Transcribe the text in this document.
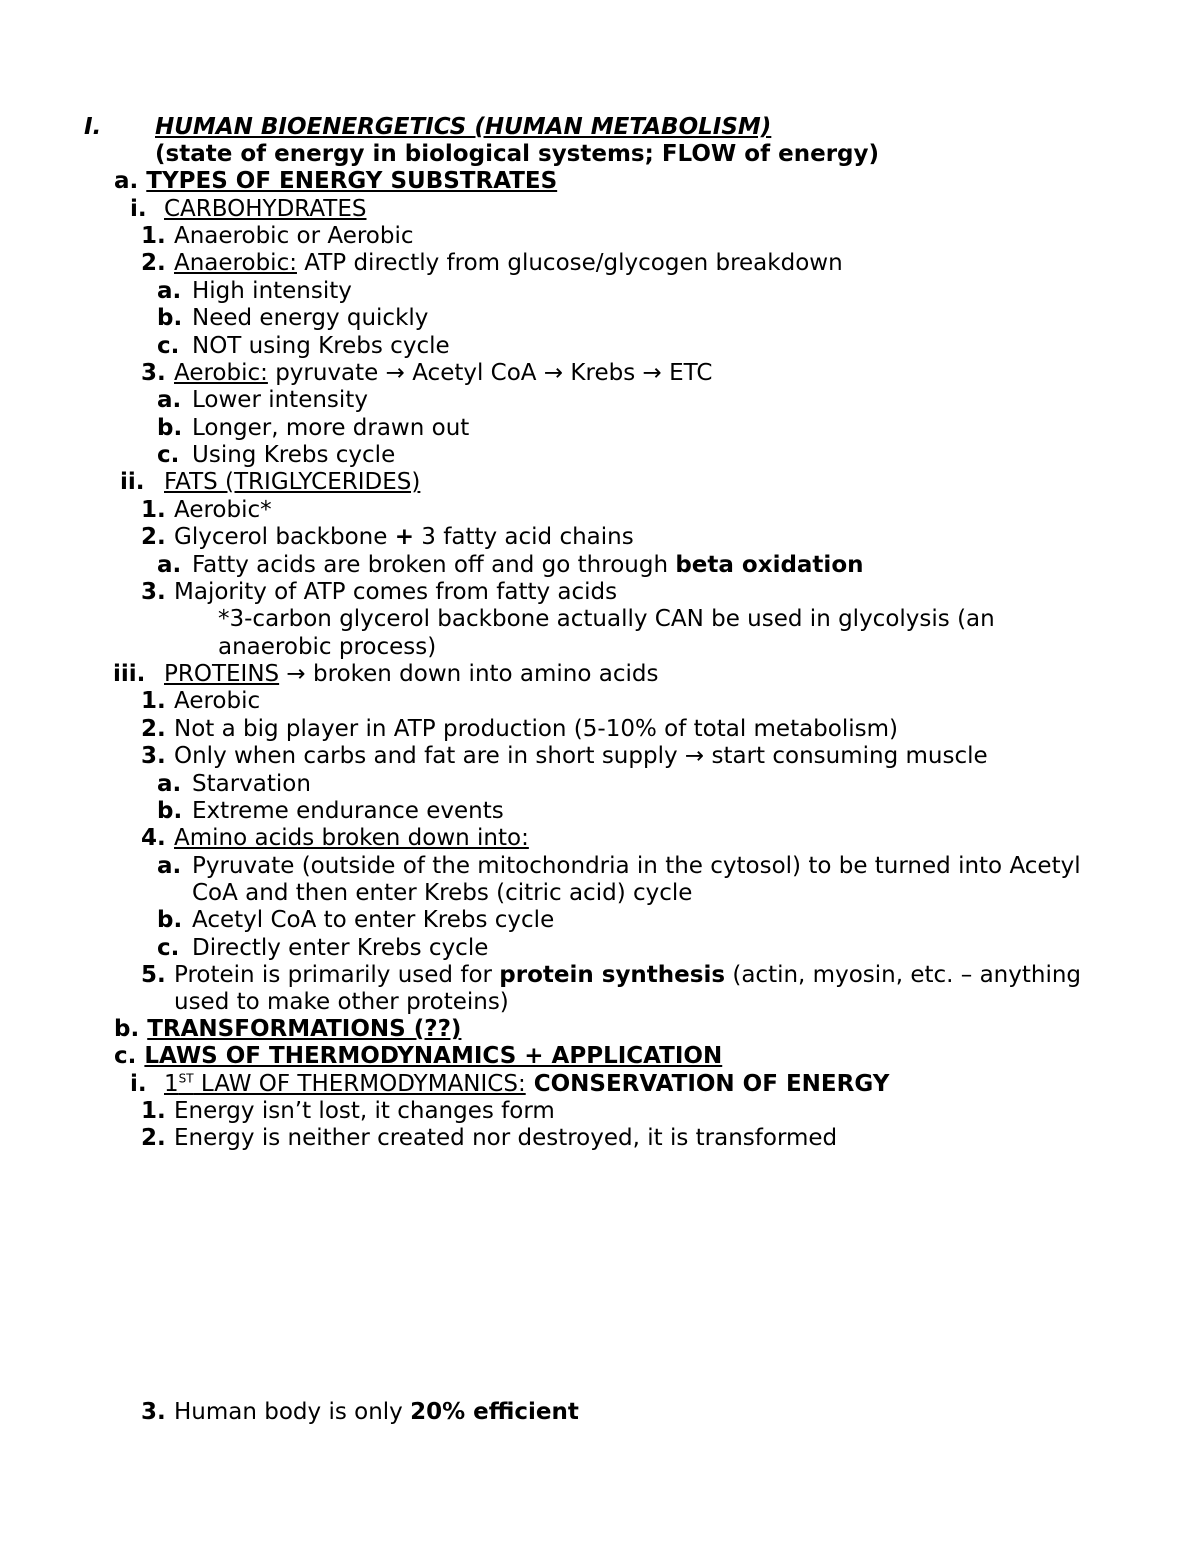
I. HUMAN BIOENERGETICS (HUMAN METABOLISM)
(state of energy in biological systems; FLOW of energy)
a. TYPES OF ENERGY SUBSTRATES
i. CARBOHYDRATES
1. Anaerobic or Aerobic
2. Anaerobic: ATP directly from glucose/glycogen breakdown
a. High intensity
b. Need energy quickly
c. NOT using Krebs cycle
3. Aerobic: pyruvate → Acetyl CoA → Krebs → ETC
a. Lower intensity
b. Longer, more drawn out
c. Using Krebs cycle
ii. FATS (TRIGLYCERIDES)
1. Aerobic*
2. Glycerol backbone + 3 fatty acid chains
a. Fatty acids are broken off and go through beta oxidation
3. Majority of ATP comes from fatty acids
*3-carbon glycerol backbone actually CAN be used in glycolysis (an
anaerobic process)
iii. PROTEINS → broken down into amino acids
1. Aerobic
2. Not a big player in ATP production (5-10% of total metabolism)
3. Only when carbs and fat are in short supply → start consuming muscle
a. Starvation
b. Extreme endurance events
4. Amino acids broken down into:
a. Pyruvate (outside of the mitochondria in the cytosol) to be turned into Acetyl
CoA and then enter Krebs (citric acid) cycle
b. Acetyl CoA to enter Krebs cycle
c. Directly enter Krebs cycle
5. Protein is primarily used for protein synthesis (actin, myosin, etc. – anything
used to make other proteins)
b. TRANSFORMATIONS (??)
c. LAWS OF THERMODYNAMICS + APPLICATION
i. 1ST LAW OF THERMODYMANICS: CONSERVATION OF ENERGY
1. Energy isn’t lost, it changes form
2. Energy is neither created nor destroyed, it is transformed
3. Human body is only 20% efficient
